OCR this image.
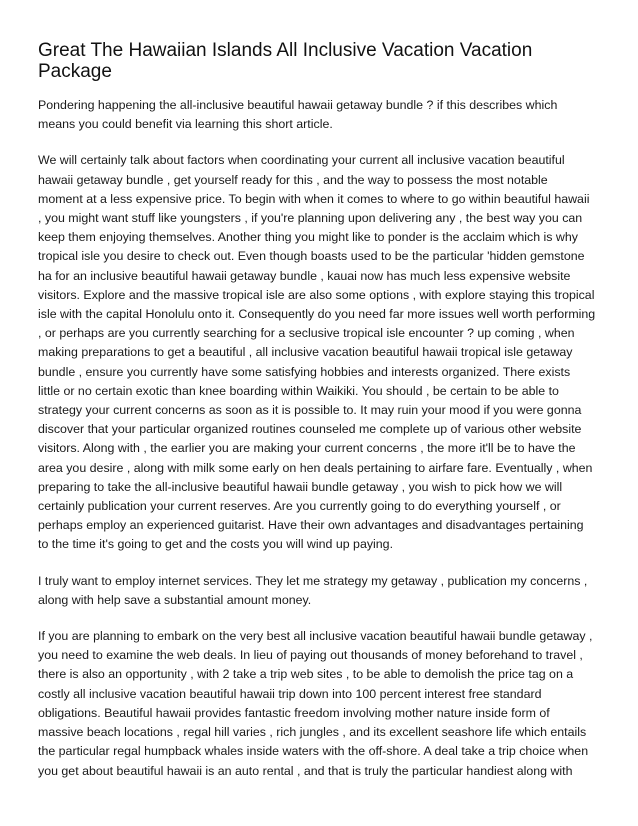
Great The Hawaiian Islands All Inclusive Vacation Vacation
Package

Pondering happening the all-inclusive beautiful hawaii getaway bundle ? if this describes which
means you could benefit via learning this short article.

We will certainly talk about factors when coordinating your current all inclusive vacation beautiful
hawaii getaway bundle , get yourself ready for this , and the way to possess the most notable
moment at a less expensive price. To begin with when it comes to where to go within beautiful hawaii
, you might want stuff like youngsters , if you're planning upon delivering any , the best way you can
keep them enjoying themselves. Another thing you might like to ponder is the acclaim which is why
tropical isle you desire to check out. Even though boasts used to be the particular 'hidden gemstone
ha for an inclusive beautiful hawaii getaway bundle , kauai now has much less expensive website
visitors. Explore and the massive tropical isle are also some options , with explore staying this tropical
isle with the capital Honolulu onto it. Consequently do you need far more issues well worth performing
, or perhaps are you currently searching for a seclusive tropical isle encounter ? up coming , when
making preparations to get a beautiful , all inclusive vacation beautiful hawaii tropical isle getaway
bundle , ensure you currently have some satisfying hobbies and interests organized. There exists
little or no certain exotic than knee boarding within Waikiki. You should , be certain to be able to
strategy your current concerns as soon as it is possible to. It may ruin your mood if you were gonna
discover that your particular organized routines counseled me complete up of various other website
visitors. Along with , the earlier you are making your current concerns , the more it'll be to have the
area you desire , along with milk some early on hen deals pertaining to airfare fare. Eventually , when
preparing to take the all-inclusive beautiful hawaii bundle getaway , you wish to pick how we will
certainly publication your current reserves. Are you currently going to do everything yourself , or
perhaps employ an experienced guitarist. Have their own advantages and disadvantages pertaining
to the time it's going to get and the costs you will wind up paying.

I truly want to employ internet services. They let me strategy my getaway , publication my concerns ,
along with help save a substantial amount money.

If you are planning to embark on the very best all inclusive vacation beautiful hawaii bundle getaway ,
you need to examine the web deals. In lieu of paying out thousands of money beforehand to travel ,
there is also an opportunity , with 2 take a trip web sites , to be able to demolish the price tag on a
costly all inclusive vacation beautiful hawaii trip down into 100 percent interest free standard
obligations. Beautiful hawaii provides fantastic freedom involving mother nature inside form of
massive beach locations , regal hill varies , rich jungles , and its excellent seashore life which entails
the particular regal humpback whales inside waters with the off-shore. A deal take a trip choice when
you get about beautiful hawaii is an auto rental , and that is truly the particular handiest along with
